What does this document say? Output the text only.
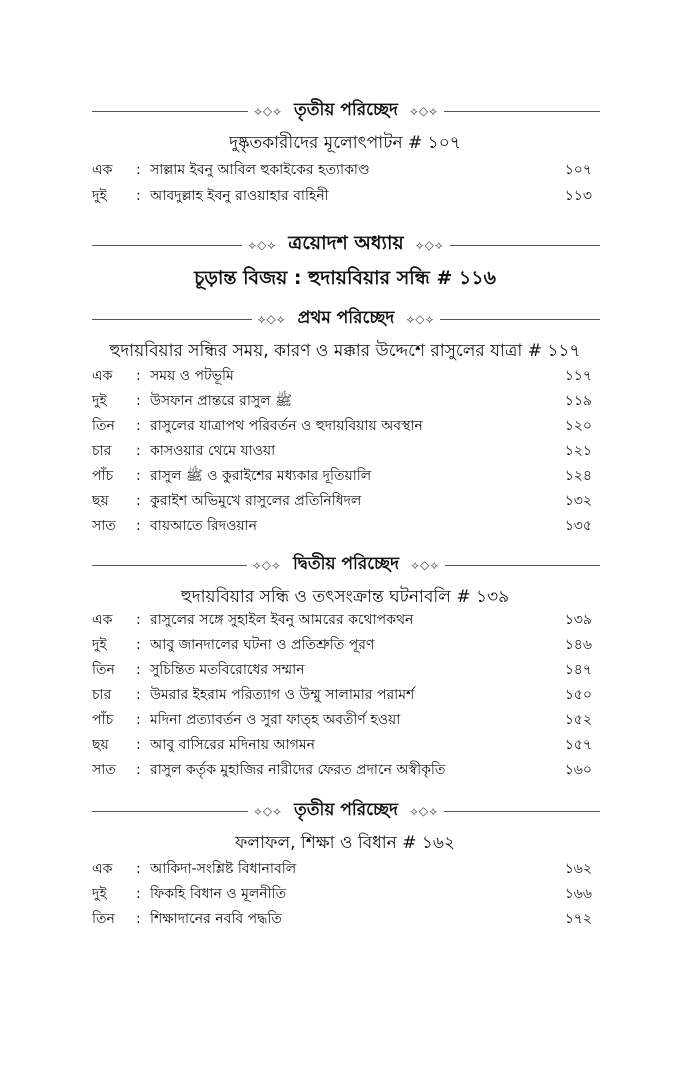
⟡◇⟡ তৃতীয় পরিচ্ছেদ ⟡◇⟡
দুষ্কৃতকারীদের মূলোৎপাটন # ১০৭
এক : সাল্লাম ইবনু আবিল হুকাইকের হত্যাকাণ্ড	১০৭
দুই : আবদুল্লাহ ইবনু রাওয়াহার বাহিনী	১১৩
⟡◇⟡ ত্রয়োদশ অধ্যায় ⟡◇⟡
চূড়ান্ত বিজয় : হুদায়বিয়ার সন্ধি # ১১৬
⟡◇⟡ প্রথম পরিচ্ছেদ ⟡◇⟡
হুদায়বিয়ার সন্ধির সময়, কারণ ও মক্কার উদ্দেশে রাসুলের যাত্রা # ১১৭
এক : সময় ও পটভূমি	১১৭
দুই : উসফান প্রান্তরে রাসুল ﷺ	১১৯
তিন : রাসুলের যাত্রাপথ পরিবর্তন ও হুদায়বিয়ায় অবস্থান	১২০
চার : কাসওয়ার থেমে যাওয়া	১২১
পাঁচ : রাসুল ﷺ ও কুরাইশের মধ্যকার দূতিয়ালি	১২৪
ছয় : কুরাইশ অভিমুখে রাসুলের প্রতিনিধিদল	১৩২
সাত : বায়আতে রিদওয়ান	১৩৫
⟡◇⟡ দ্বিতীয় পরিচ্ছেদ ⟡◇⟡
হুদায়বিয়ার সন্ধি ও তৎসংক্রান্ত ঘটনাবলি # ১৩৯
এক : রাসুলের সঙ্গে সুহাইল ইবনু আমরের কথোপকথন	১৩৯
দুই : আবু জানদালের ঘটনা ও প্রতিশ্রুতি পূরণ	১৪৬
তিন : সুচিন্তিত মতবিরোধের সম্মান	১৪৭
চার : উমরার ইহরাম পরিত্যাগ ও উম্মু সালামার পরামর্শ	১৫০
পাঁচ : মদিনা প্রত্যাবর্তন ও সুরা ফাত্‌হ অবতীর্ণ হওয়া	১৫২
ছয় : আবু বাসিরের মদিনায় আগমন	১৫৭
সাত : রাসুল কর্তৃক মুহাজির নারীদের ফেরত প্রদানে অস্বীকৃতি	১৬০
⟡◇⟡ তৃতীয় পরিচ্ছেদ ⟡◇⟡
ফলাফল, শিক্ষা ও বিধান # ১৬২
এক : আকিদা-সংশ্লিষ্ট বিধানাবলি	১৬২
দুই : ফিকহি বিধান ও মূলনীতি	১৬৬
তিন : শিক্ষাদানের নববি পদ্ধতি	১৭২
